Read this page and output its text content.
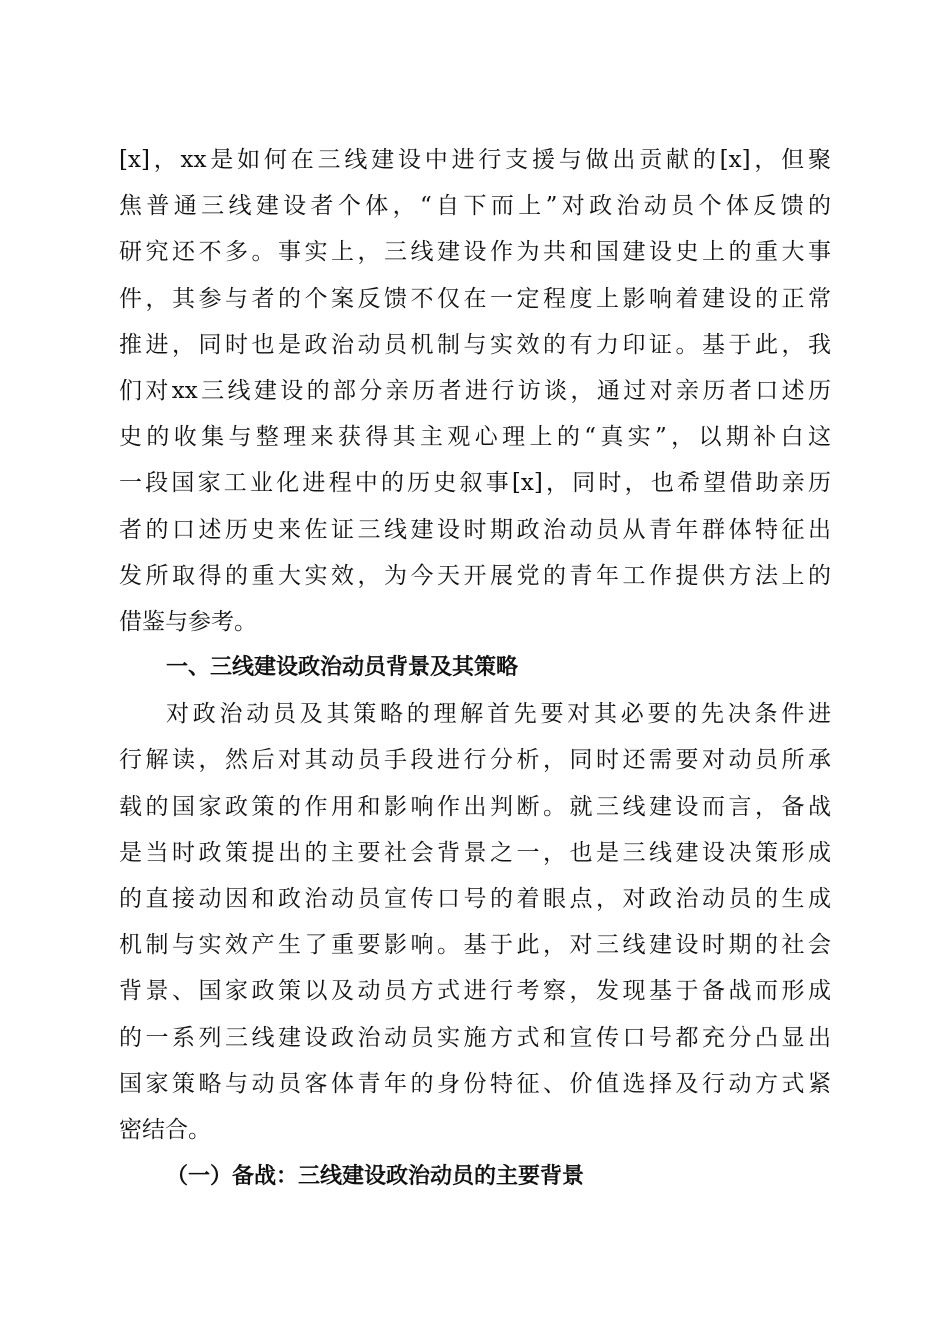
[x]，xx是如何在三线建设中进行支援与做出贡献的[x]，但聚
焦普通三线建设者个体，“自下而上”对政治动员个体反馈的
研究还不多。事实上，三线建设作为共和国建设史上的重大事
件，其参与者的个案反馈不仅在一定程度上影响着建设的正常
推进，同时也是政治动员机制与实效的有力印证。基于此，我
们对xx三线建设的部分亲历者进行访谈，通过对亲历者口述历
史的收集与整理来获得其主观心理上的“真实”，以期补白这
一段国家工业化进程中的历史叙事[x]，同时，也希望借助亲历
者的口述历史来佐证三线建设时期政治动员从青年群体特征出
发所取得的重大实效，为今天开展党的青年工作提供方法上的
借鉴与参考。
一、三线建设政治动员背景及其策略
对政治动员及其策略的理解首先要对其必要的先决条件进
行解读，然后对其动员手段进行分析，同时还需要对动员所承
载的国家政策的作用和影响作出判断。就三线建设而言，备战
是当时政策提出的主要社会背景之一，也是三线建设决策形成
的直接动因和政治动员宣传口号的着眼点，对政治动员的生成
机制与实效产生了重要影响。基于此，对三线建设时期的社会
背景、国家政策以及动员方式进行考察，发现基于备战而形成
的一系列三线建设政治动员实施方式和宣传口号都充分凸显出
国家策略与动员客体青年的身份特征、价值选择及行动方式紧
密结合。
（一）备战：三线建设政治动员的主要背景
